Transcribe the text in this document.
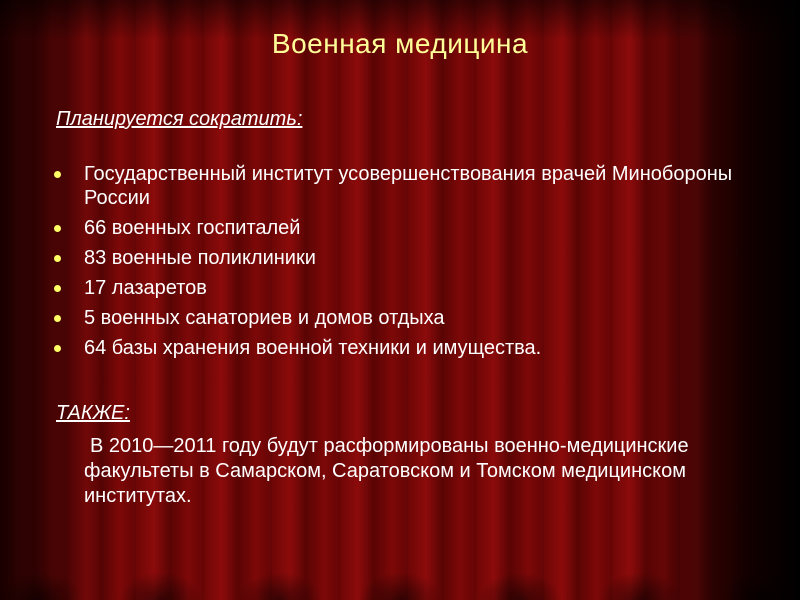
Военная медицина
Планируется сократить:
Государственный институт усовершенствования врачей Минобороны России
66 военных госпиталей
83 военные поликлиники
17 лазаретов
5 военных санаториев и домов отдыха
64 базы хранения военной техники и имущества.
ТАКЖЕ:
В 2010—2011 году будут расформированы военно-медицинские факультеты в Самарском, Саратовском и Томском медицинском институтах.
